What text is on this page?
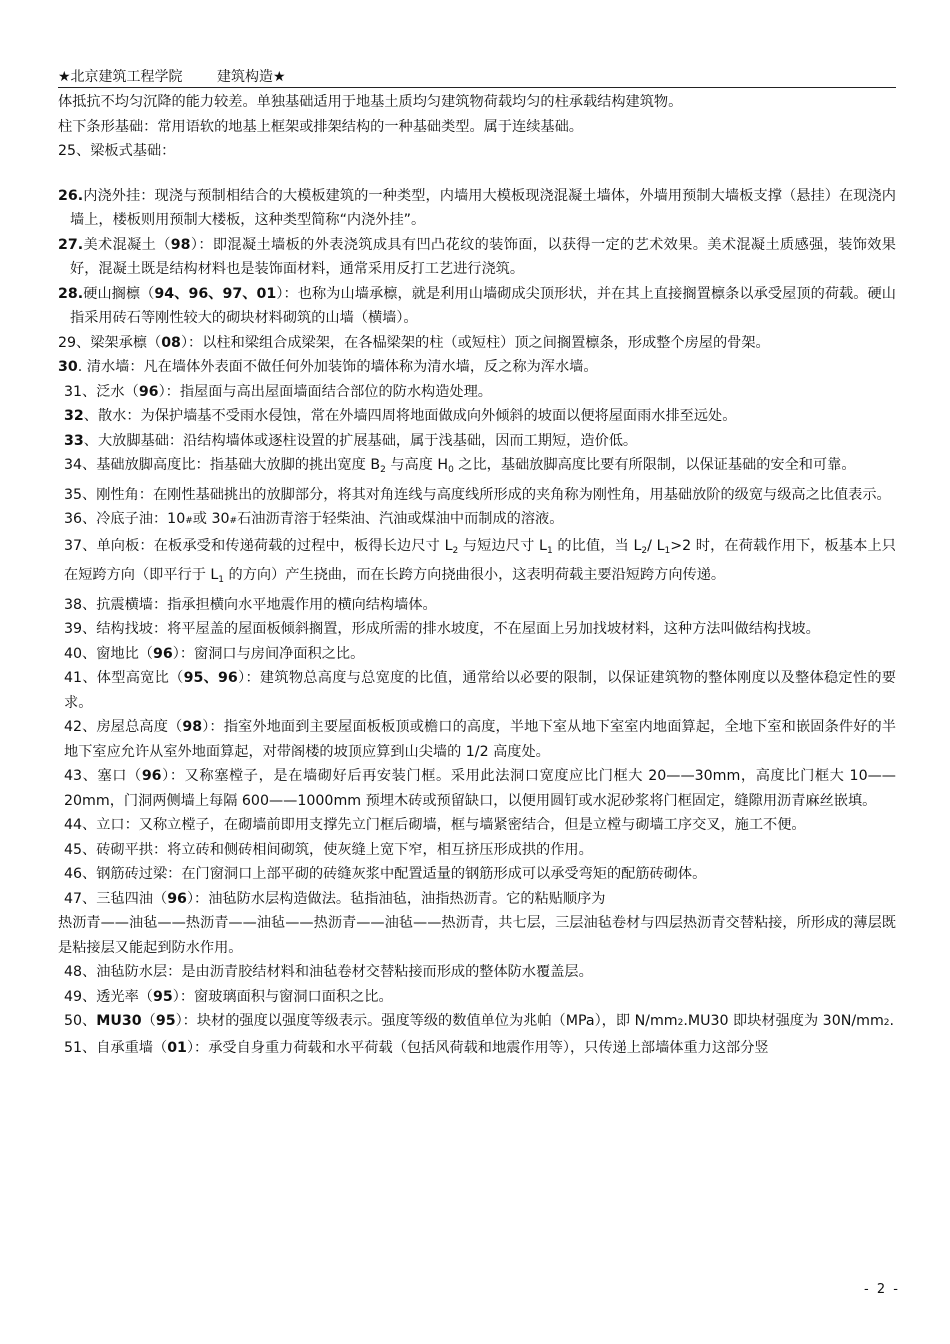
★北京建筑工程学院 建筑构造★

体抵抗不均匀沉降的能力较差。单独基础适用于地基土质均匀建筑物荷载均匀的柱承载结构建筑物。

柱下条形基础：常用语软的地基上框架或排架结构的一种基础类型。属于连续基础。

25、梁板式基础：

26.内浇外挂：现浇与预制相结合的大模板建筑的一种类型，内墙用大模板现浇混凝土墙体，外墙用预制大墙板支撑（悬挂）在现浇内墙上，楼板则用预制大楼板，这种类型简称“内浇外挂”。

27.美术混凝土（98）：即混凝土墙板的外表浇筑成具有凹凸花纹的装饰面，以获得一定的艺术效果。美术混凝土质感强，装饰效果好，混凝土既是结构材料也是装饰面材料，通常采用反打工艺进行浇筑。

28.硬山搁檩（94、96、97、01）：也称为山墙承檩，就是利用山墙砌成尖顶形状，并在其上直接搁置檩条以承受屋顶的荷载。硬山指采用砖石等刚性较大的砌块材料砌筑的山墙（横墙）。

29、梁架承檩（08）：以柱和梁组合成梁架，在各榀梁架的柱（或短柱）顶之间搁置檩条，形成整个房屋的骨架。

30. 清水墙：凡在墙体外表面不做任何外加装饰的墙体称为清水墙，反之称为浑水墙。

31、泛水（96）：指屋面与高出屋面墙面结合部位的防水构造处理。

32、散水：为保护墙基不受雨水侵蚀，常在外墙四周将地面做成向外倾斜的坡面以便将屋面雨水排至远处。

33、大放脚基础：沿结构墙体或逐柱设置的扩展基础，属于浅基础，因而工期短，造价低。

34、基础放脚高度比：指基础大放脚的挑出宽度 $B_2$ 与高度 $H_0$ 之比，基础放脚高度比要有所限制，以保证基础的安全和可靠。

35、刚性角：在刚性基础挑出的放脚部分，将其对角连线与高度线所形成的夹角称为刚性角，用基础放阶的级宽与级高之比值表示。

36、冷底子油：10#或 30#石油沥青溶于轻柴油、汽油或煤油中而制成的溶液。

37、单向板：在板承受和传递荷载的过程中，板得长边尺寸 $L_2$ 与短边尺寸 $L_1$ 的比值，当 $L_2/$ $L_1>2$ 时，在荷载作用下，板基本上只在短跨方向（即平行于 $L_1$ 的方向）产生挠曲，而在长跨方向挠曲很小，这表明荷载主要沿短跨方向传递。

38、抗震横墙：指承担横向水平地震作用的横向结构墙体。

39、结构找坡：将平屋盖的屋面板倾斜搁置，形成所需的排水坡度，不在屋面上另加找坡材料，这种方法叫做结构找坡。

40、窗地比（96）：窗洞口与房间净面积之比。

41、体型高宽比（95、96）：建筑物总高度与总宽度的比值，通常给以必要的限制，以保证建筑物的整体刚度以及整体稳定性的要求。

42、房屋总高度（98）：指室外地面到主要屋面板板顶或檐口的高度，半地下室从地下室室内地面算起，全地下室和嵌固条件好的半地下室应允许从室外地面算起，对带阁楼的坡顶应算到山尖墙的 1/2 高度处。

43、塞口（96）：又称塞樘子，是在墙砌好后再安装门框。采用此法洞口宽度应比门框大 20——30mm，高度比门框大 10——20mm，门洞两侧墙上每隔 600——1000mm 预埋木砖或预留缺口，以便用圆钉或水泥砂浆将门框固定，缝隙用沥青麻丝嵌填。

44、立口：又称立樘子，在砌墙前即用支撑先立门框后砌墙，框与墙紧密结合，但是立樘与砌墙工序交叉，施工不便。

45、砖砌平拱：将立砖和侧砖相间砌筑，使灰缝上宽下窄，相互挤压形成拱的作用。

46、钢筋砖过梁：在门窗洞口上部平砌的砖缝灰浆中配置适量的钢筋形成可以承受弯矩的配筋砖砌体。

47、三毡四油（96）：油毡防水层构造做法。毡指油毡，油指热沥青。它的粘贴顺序为

热沥青——油毡——热沥青——油毡——热沥青——油毡——热沥青，共七层，三层油毡卷材与四层热沥青交替粘接，所形成的薄层既是粘接层又能起到防水作用。

48、油毡防水层：是由沥青胶结材料和油毡卷材交替粘接而形成的整体防水覆盖层。

49、透光率（95）：窗玻璃面积与窗洞口面积之比。

50、MU30（95）：块材的强度以强度等级表示。强度等级的数值单位为兆帕（MPa），即 N/mm2.MU30 即块材强度为 30N/mm2.

51、自承重墙（01）：承受自身重力荷载和水平荷载（包括风荷载和地震作用等），只传递上部墙体重力这部分竖

- 2 -
